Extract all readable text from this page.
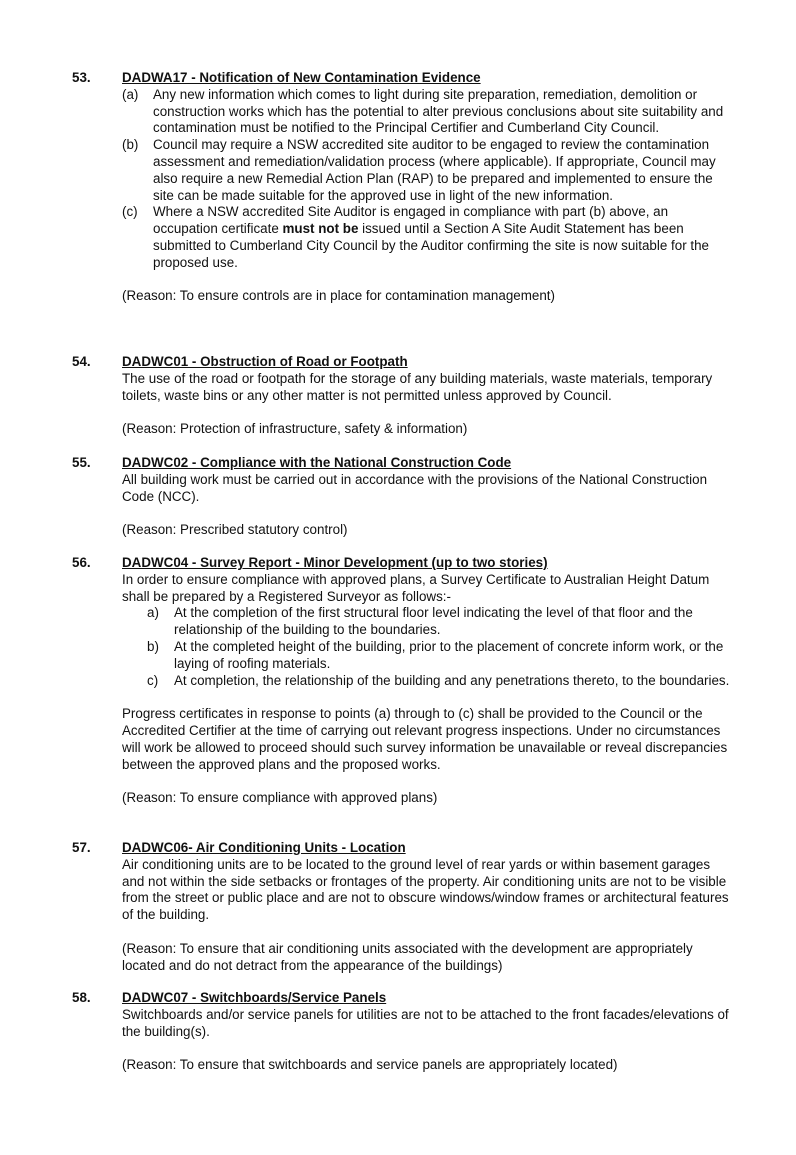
53. DADWA17 - Notification of New Contamination Evidence

(a) Any new information which comes to light during site preparation, remediation, demolition or construction works which has the potential to alter previous conclusions about site suitability and contamination must be notified to the Principal Certifier and Cumberland City Council.
(b) Council may require a NSW accredited site auditor to be engaged to review the contamination assessment and remediation/validation process (where applicable). If appropriate, Council may also require a new Remedial Action Plan (RAP) to be prepared and implemented to ensure the site can be made suitable for the approved use in light of the new information.
(c) Where a NSW accredited Site Auditor is engaged in compliance with part (b) above, an occupation certificate must not be issued until a Section A Site Audit Statement has been submitted to Cumberland City Council by the Auditor confirming the site is now suitable for the proposed use.

(Reason: To ensure controls are in place for contamination management)

54. DADWC01 - Obstruction of Road or Footpath

The use of the road or footpath for the storage of any building materials, waste materials, temporary toilets, waste bins or any other matter is not permitted unless approved by Council.

(Reason: Protection of infrastructure, safety & information)

55. DADWC02 - Compliance with the National Construction Code

All building work must be carried out in accordance with the provisions of the National Construction Code (NCC).

(Reason: Prescribed statutory control)

56. DADWC04 - Survey Report - Minor Development (up to two stories)

In order to ensure compliance with approved plans, a Survey Certificate to Australian Height Datum shall be prepared by a Registered Surveyor as follows:-

a) At the completion of the first structural floor level indicating the level of that floor and the relationship of the building to the boundaries.
b) At the completed height of the building, prior to the placement of concrete inform work, or the laying of roofing materials.
c) At completion, the relationship of the building and any penetrations thereto, to the boundaries.

Progress certificates in response to points (a) through to (c) shall be provided to the Council or the Accredited Certifier at the time of carrying out relevant progress inspections. Under no circumstances will work be allowed to proceed should such survey information be unavailable or reveal discrepancies between the approved plans and the proposed works.

(Reason: To ensure compliance with approved plans)

57. DADWC06- Air Conditioning Units - Location

Air conditioning units are to be located to the ground level of rear yards or within basement garages and not within the side setbacks or frontages of the property. Air conditioning units are not to be visible from the street or public place and are not to obscure windows/window frames or architectural features of the building.

(Reason: To ensure that air conditioning units associated with the development are appropriately located and do not detract from the appearance of the buildings)

58. DADWC07 - Switchboards/Service Panels

Switchboards and/or service panels for utilities are not to be attached to the front facades/elevations of the building(s).

(Reason: To ensure that switchboards and service panels are appropriately located)
